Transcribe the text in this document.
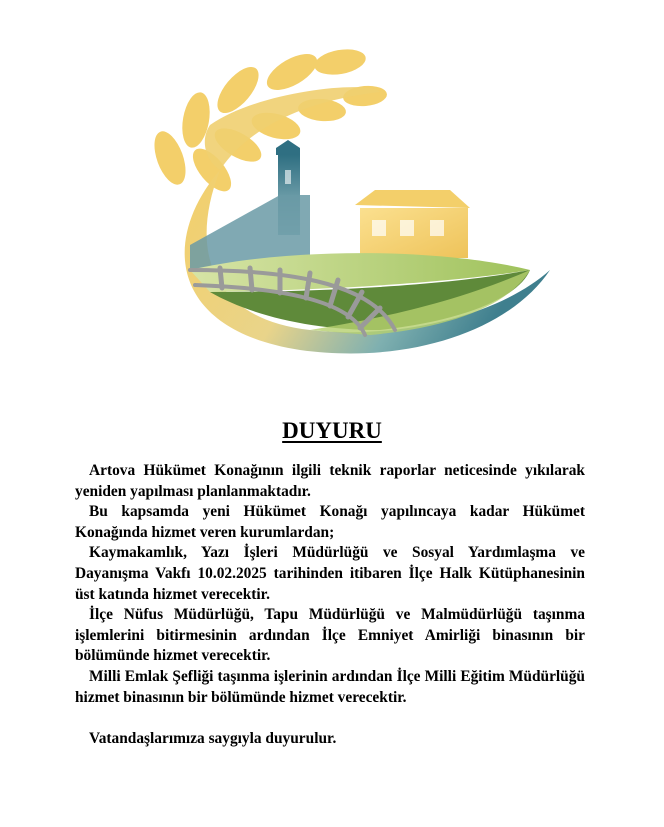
DUYURU

Artova Hükümet Konağının ilgili teknik raporlar neticesinde yıkılarak yeniden yapılması planlanmaktadır.

Bu kapsamda yeni Hükümet Konağı yapılıncaya kadar Hükümet Konağında hizmet veren kurumlardan;

Kaymakamlık, Yazı İşleri Müdürlüğü ve Sosyal Yardımlaşma ve Dayanışma Vakfı 10.02.2025 tarihinden itibaren İlçe Halk Kütüphanesinin üst katında hizmet verecektir.

İlçe Nüfus Müdürlüğü, Tapu Müdürlüğü ve Malmüdürlüğü taşınma işlemlerini bitirmesinin ardından İlçe Emniyet Amirliği binasının bir bölümünde hizmet verecektir.

Milli Emlak Şefliği taşınma işlerinin ardından İlçe Milli Eğitim Müdürlüğü hizmet binasının bir bölümünde hizmet verecektir.

Vatandaşlarımıza saygıyla duyurulur.
